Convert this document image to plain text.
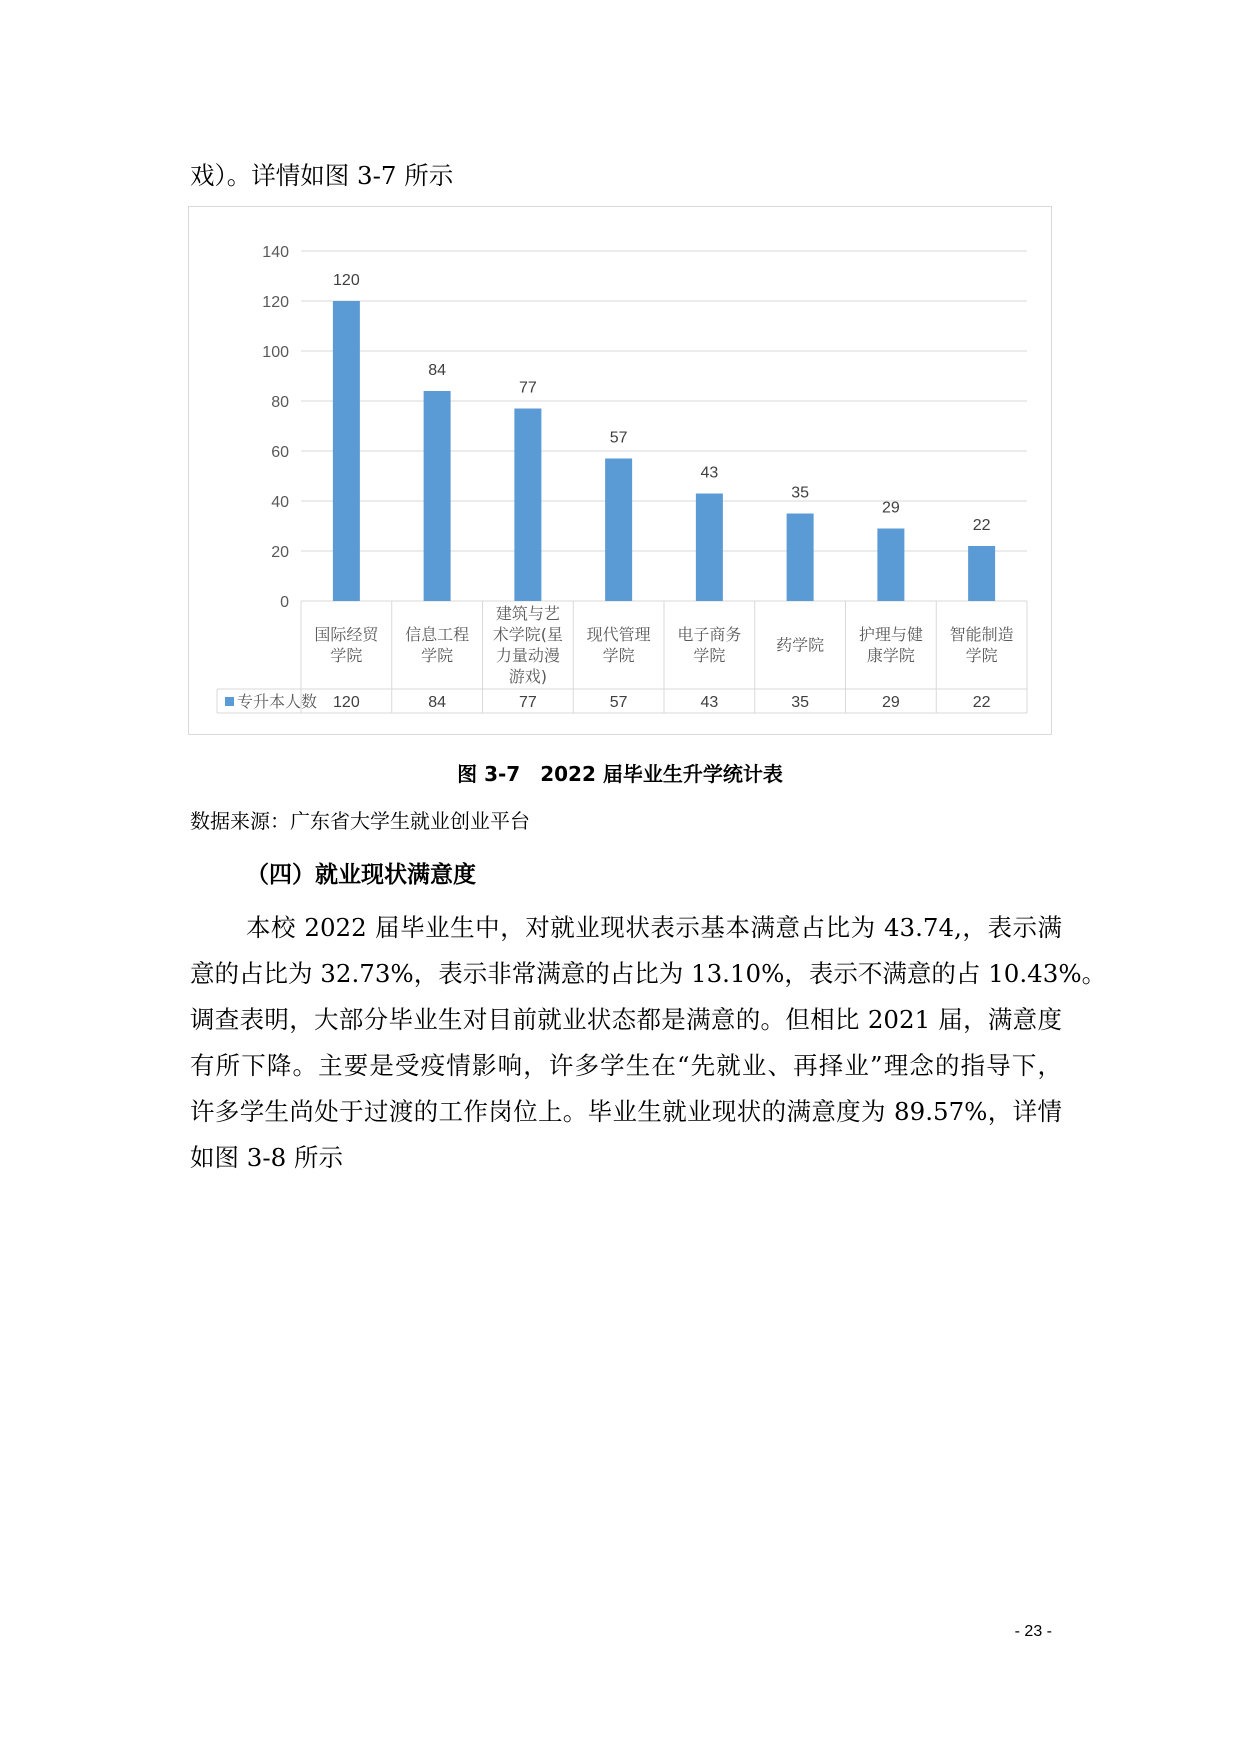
戏）。详情如图 3-7 所示
0
20
40
60
80
100
120
140
120
国际经贸
学院
120
84
信息工程
学院
84
77
建筑与艺
术学院(星
力量动漫
游戏)
77
57
现代管理
学院
57
43
电子商务
学院
43
35
药学院
35
29
护理与健
康学院
29
22
智能制造
学院
22
专升本人数
图 3-7　2022 届毕业生升学统计表
数据来源：广东省大学生就业创业平台
（四）就业现状满意度
本校 2022 届毕业生中，对就业现状表示基本满意占比为 43.74,，表示满
意的占比为 32.73%，表示非常满意的占比为 13.10%，表示不满意的占 10.43%。
调查表明，大部分毕业生对目前就业状态都是满意的。但相比 2021 届，满意度
有所下降。主要是受疫情影响，许多学生在“先就业、再择业”理念的指导下，
许多学生尚处于过渡的工作岗位上。毕业生就业现状的满意度为 89.57%，详情
如图 3-8 所示
- 23 -
